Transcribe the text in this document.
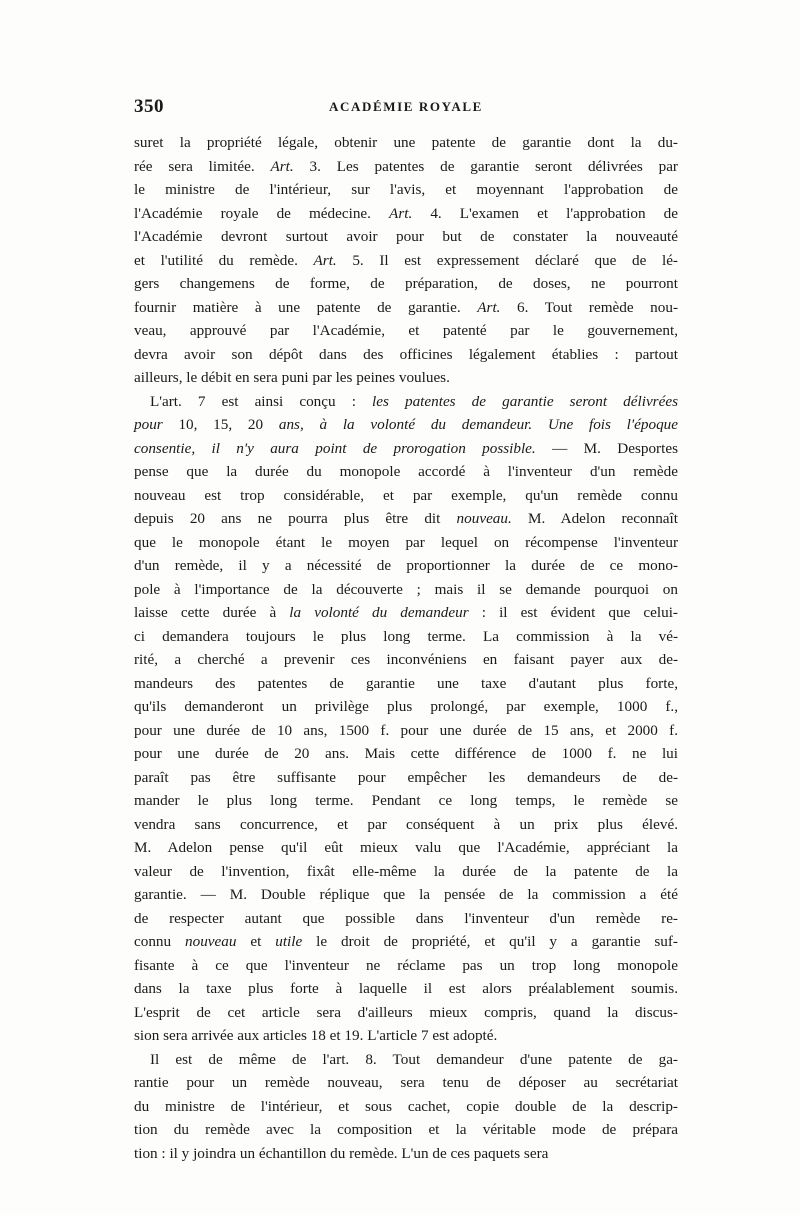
350	ACADÉMIE ROYALE
suret la propriété légale, obtenir une patente de garantie dont la du-
rée sera limitée. Art. 3. Les patentes de garantie seront délivrées par
le ministre de l'intérieur, sur l'avis, et moyennant l'approbation de
l'Académie royale de médecine. Art. 4. L'examen et l'approbation de
l'Académie devront surtout avoir pour but de constater la nouveauté
et l'utilité du remède. Art. 5. Il est expressement déclaré que de lé-
gers changemens de forme, de préparation, de doses, ne pourront
fournir matière à une patente de garantie. Art. 6. Tout remède nou-
veau, approuvé par l'Académie, et patenté par le gouvernement,
devra avoir son dépôt dans des officines légalement établies : partout
ailleurs, le débit en sera puni par les peines voulues.
L'art. 7 est ainsi conçu : les patentes de garantie seront délivrées
pour 10, 15, 20 ans, à la volonté du demandeur. Une fois l'époque
consentie, il n'y aura point de prorogation possible. — M. Desportes
pense que la durée du monopole accordé à l'inventeur d'un remède
nouveau est trop considérable, et par exemple, qu'un remède connu
depuis 20 ans ne pourra plus être dit nouveau. M. Adelon reconnaît
que le monopole étant le moyen par lequel on récompense l'inventeur
d'un remède, il y a nécessité de proportionner la durée de ce mono-
pole à l'importance de la découverte ; mais il se demande pourquoi on
laisse cette durée à la volonté du demandeur : il est évident que celui-
ci demandera toujours le plus long terme. La commission à la vé-
rité, a cherché a prevenir ces inconvéniens en faisant payer aux de-
mandeurs des patentes de garantie une taxe d'autant plus forte,
qu'ils demanderont un privilège plus prolongé, par exemple, 1000 f.,
pour une durée de 10 ans, 1500 f. pour une durée de 15 ans, et 2000 f.
pour une durée de 20 ans. Mais cette différence de 1000 f. ne lui
paraît pas être suffisante pour empêcher les demandeurs de de-
mander le plus long terme. Pendant ce long temps, le remède se
vendra sans concurrence, et par conséquent à un prix plus élevé.
M. Adelon pense qu'il eût mieux valu que l'Académie, appréciant la
valeur de l'invention, fixât elle-même la durée de la patente de la
garantie. — M. Double réplique que la pensée de la commission a été
de respecter autant que possible dans l'inventeur d'un remède re-
connu nouveau et utile le droit de propriété, et qu'il y a garantie suf-
fisante à ce que l'inventeur ne réclame pas un trop long monopole
dans la taxe plus forte à laquelle il est alors préalablement soumis.
L'esprit de cet article sera d'ailleurs mieux compris, quand la discus-
sion sera arrivée aux articles 18 et 19. L'article 7 est adopté.
Il est de même de l'art. 8. Tout demandeur d'une patente de ga-
rantie pour un remède nouveau, sera tenu de déposer au secrétariat
du ministre de l'intérieur, et sous cachet, copie double de la descrip-
tion du remède avec la composition et la véritable mode de prépara
tion : il y joindra un échantillon du remède. L'un de ces paquets sera
